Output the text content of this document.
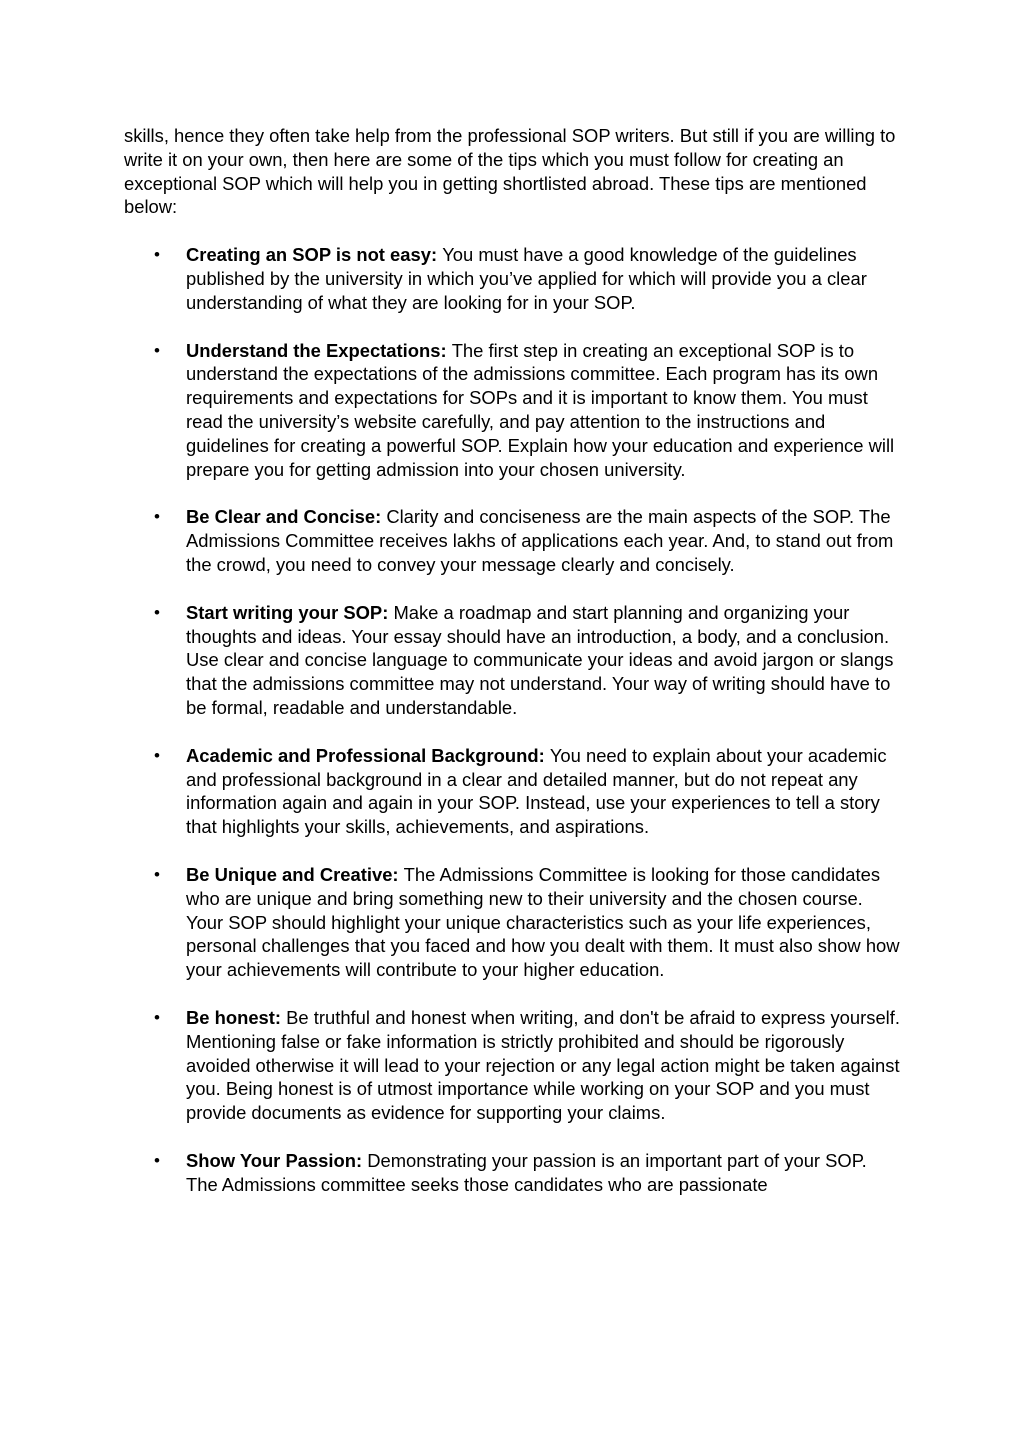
skills, hence they often take help from the professional SOP writers. But still if you are willing to write it on your own, then here are some of the tips which you must follow for creating an exceptional SOP which will help you in getting shortlisted abroad. These tips are mentioned below:

• Creating an SOP is not easy: You must have a good knowledge of the guidelines published by the university in which you’ve applied for which will provide you a clear understanding of what they are looking for in your SOP.
• Understand the Expectations: The first step in creating an exceptional SOP is to understand the expectations of the admissions committee. Each program has its own requirements and expectations for SOPs and it is important to know them. You must read the university’s website carefully, and pay attention to the instructions and guidelines for creating a powerful SOP. Explain how your education and experience will prepare you for getting admission into your chosen university.
• Be Clear and Concise: Clarity and conciseness are the main aspects of the SOP. The Admissions Committee receives lakhs of applications each year. And, to stand out from the crowd, you need to convey your message clearly and concisely.
• Start writing your SOP: Make a roadmap and start planning and organizing your thoughts and ideas. Your essay should have an introduction, a body, and a conclusion. Use clear and concise language to communicate your ideas and avoid jargon or slangs that the admissions committee may not understand. Your way of writing should have to be formal, readable and understandable.
• Academic and Professional Background: You need to explain about your academic and professional background in a clear and detailed manner, but do not repeat any information again and again in your SOP. Instead, use your experiences to tell a story that highlights your skills, achievements, and aspirations.
• Be Unique and Creative: The Admissions Committee is looking for those candidates who are unique and bring something new to their university and the chosen course. Your SOP should highlight your unique characteristics such as your life experiences, personal challenges that you faced and how you dealt with them. It must also show how your achievements will contribute to your higher education.
• Be honest: Be truthful and honest when writing, and don't be afraid to express yourself. Mentioning false or fake information is strictly prohibited and should be rigorously avoided otherwise it will lead to your rejection or any legal action might be taken against you. Being honest is of utmost importance while working on your SOP and you must provide documents as evidence for supporting your claims.
• Show Your Passion: Demonstrating your passion is an important part of your SOP. The Admissions committee seeks those candidates who are passionate
